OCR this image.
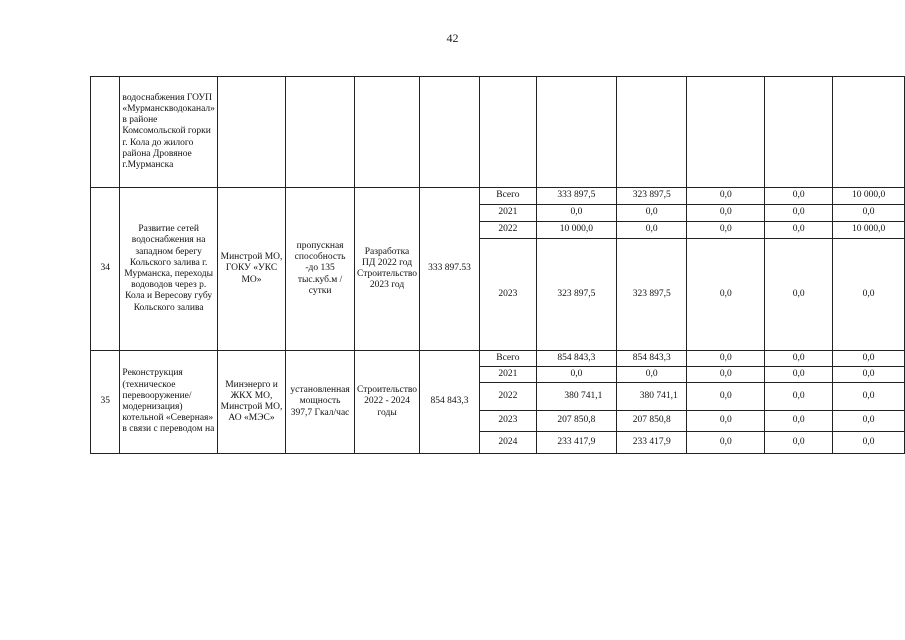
42
	водоснабжения ГОУП «Мурманскводоканал» в районе Комсомольской горки г. Кола до жилого района Дровяное г.Мурманска										
34	Развитие сетей водоснабжения на западном берегу Кольского залива г. Мурманска, переходы водоводов через р. Кола и Вересову губу Кольского залива	Минстрой МО, ГОКУ «УКС МО»	пропускная способность -до 135 тыс.куб.м /сутки	Разработка ПД 2022 год Строительство 2023 год	333 897.53	Всего	333 897,5	323 897,5	0,0	0,0	10 000,0
						2021	0,0	0,0	0,0	0,0	0,0
						2022	10 000,0	0,0	0,0	0,0	10 000,0
						2023	323 897,5	323 897,5	0,0	0,0	0,0
35	Реконструкция (техническое перевооружение/ модернизация) котельной «Северная» в связи с переводом на	Минэнерго и ЖКХ МО, Минстрой МО, АО «МЭС»	установленная мощность 397,7 Гкал/час	Строительство 2022 - 2024 годы	854 843,3	Всего	854 843,3	854 843,3	0,0	0,0	0,0
						2021	0,0	0,0	0,0	0,0	0,0
						2022	380 741,1	380 741,1	0,0	0,0	0,0
						2023	207 850,8	207 850,8	0,0	0,0	0,0
						2024	233 417,9	233 417,9	0,0	0,0	0,0
